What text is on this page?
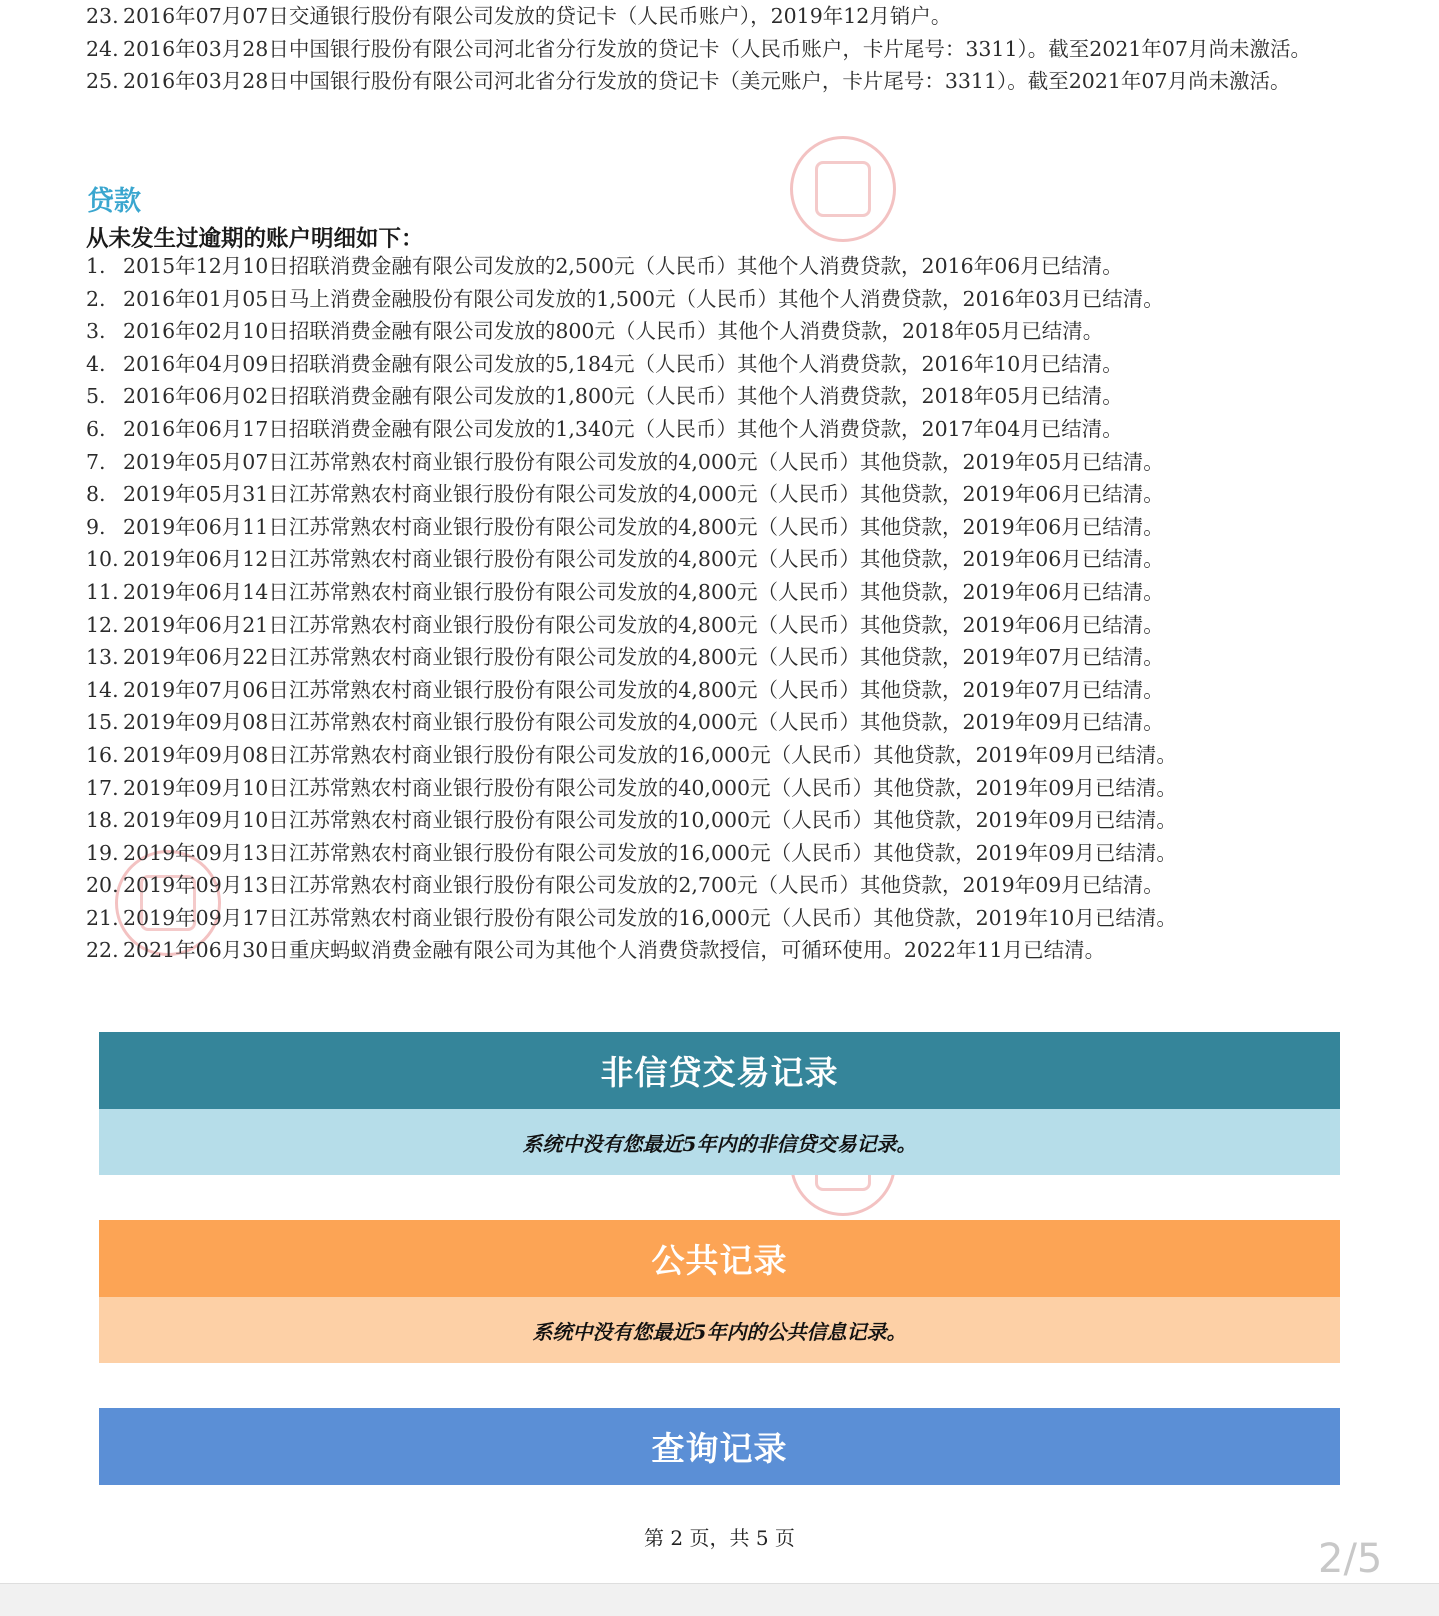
23. 2016年07月07日交通银行股份有限公司发放的贷记卡（人民币账户），2019年12月销户。
24. 2016年03月28日中国银行股份有限公司河北省分行发放的贷记卡（人民币账户，卡片尾号：3311）。截至2021年07月尚未激活。
25. 2016年03月28日中国银行股份有限公司河北省分行发放的贷记卡（美元账户，卡片尾号：3311）。截至2021年07月尚未激活。
贷款
从未发生过逾期的账户明细如下：
1. 2015年12月10日招联消费金融有限公司发放的2,500元（人民币）其他个人消费贷款，2016年06月已结清。
2. 2016年01月05日马上消费金融股份有限公司发放的1,500元（人民币）其他个人消费贷款，2016年03月已结清。
3. 2016年02月10日招联消费金融有限公司发放的800元（人民币）其他个人消费贷款，2018年05月已结清。
4. 2016年04月09日招联消费金融有限公司发放的5,184元（人民币）其他个人消费贷款，2016年10月已结清。
5. 2016年06月02日招联消费金融有限公司发放的1,800元（人民币）其他个人消费贷款，2018年05月已结清。
6. 2016年06月17日招联消费金融有限公司发放的1,340元（人民币）其他个人消费贷款，2017年04月已结清。
7. 2019年05月07日江苏常熟农村商业银行股份有限公司发放的4,000元（人民币）其他贷款，2019年05月已结清。
8. 2019年05月31日江苏常熟农村商业银行股份有限公司发放的4,000元（人民币）其他贷款，2019年06月已结清。
9. 2019年06月11日江苏常熟农村商业银行股份有限公司发放的4,800元（人民币）其他贷款，2019年06月已结清。
10. 2019年06月12日江苏常熟农村商业银行股份有限公司发放的4,800元（人民币）其他贷款，2019年06月已结清。
11. 2019年06月14日江苏常熟农村商业银行股份有限公司发放的4,800元（人民币）其他贷款，2019年06月已结清。
12. 2019年06月21日江苏常熟农村商业银行股份有限公司发放的4,800元（人民币）其他贷款，2019年06月已结清。
13. 2019年06月22日江苏常熟农村商业银行股份有限公司发放的4,800元（人民币）其他贷款，2019年07月已结清。
14. 2019年07月06日江苏常熟农村商业银行股份有限公司发放的4,800元（人民币）其他贷款，2019年07月已结清。
15. 2019年09月08日江苏常熟农村商业银行股份有限公司发放的4,000元（人民币）其他贷款，2019年09月已结清。
16. 2019年09月08日江苏常熟农村商业银行股份有限公司发放的16,000元（人民币）其他贷款，2019年09月已结清。
17. 2019年09月10日江苏常熟农村商业银行股份有限公司发放的40,000元（人民币）其他贷款，2019年09月已结清。
18. 2019年09月10日江苏常熟农村商业银行股份有限公司发放的10,000元（人民币）其他贷款，2019年09月已结清。
19. 2019年09月13日江苏常熟农村商业银行股份有限公司发放的16,000元（人民币）其他贷款，2019年09月已结清。
20. 2019年09月13日江苏常熟农村商业银行股份有限公司发放的2,700元（人民币）其他贷款，2019年09月已结清。
21. 2019年09月17日江苏常熟农村商业银行股份有限公司发放的16,000元（人民币）其他贷款，2019年10月已结清。
22. 2021年06月30日重庆蚂蚁消费金融有限公司为其他个人消费贷款授信，可循环使用。2022年11月已结清。
非信贷交易记录
系统中没有您最近5年内的非信贷交易记录。
公共记录
系统中没有您最近5年内的公共信息记录。
查询记录
第 2 页，共 5 页	2/5
